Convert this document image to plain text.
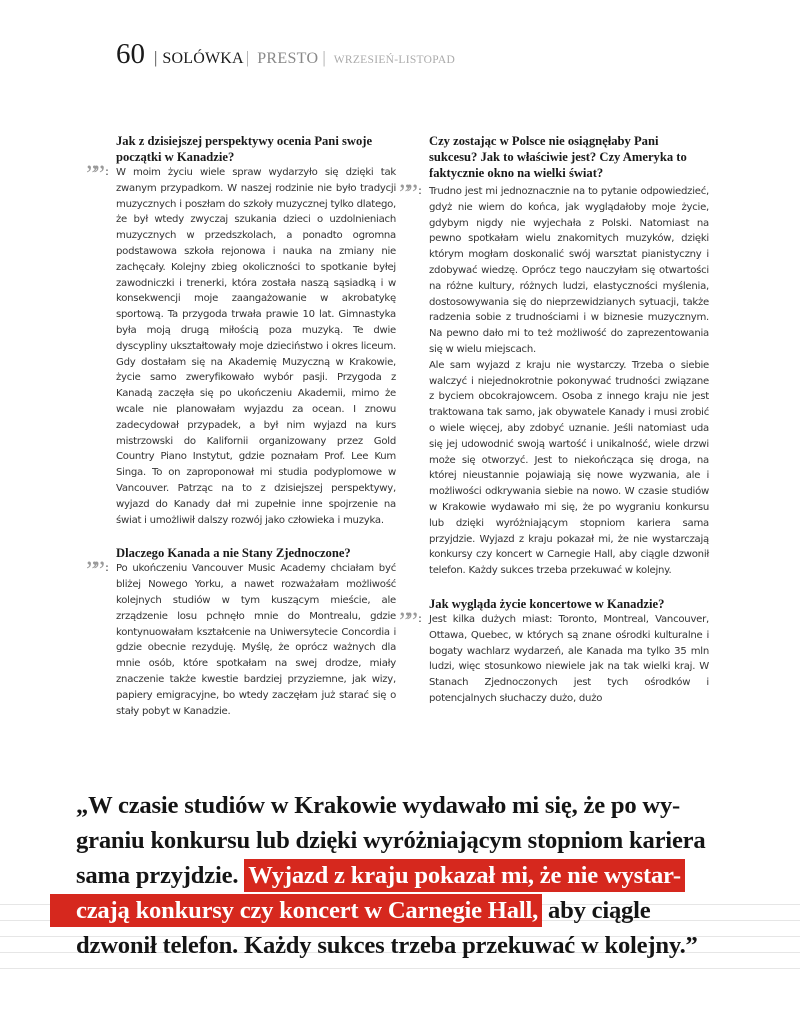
60 | SOLÓWKA | PRESTO | WRZESIEŃ-LISTOPAD

Jak z dzisiejszej perspektywy ocenia Pani swoje początki w Kanadzie?

”” : W moim życiu wiele spraw wydarzyło się dzięki tak zwanym przypadkom. W naszej rodzinie nie było tradycji muzycznych i poszłam do szkoły muzycznej tylko dlatego, że był wtedy zwyczaj szukania dzieci o uzdolnieniach muzycznych w przedszkolach, a ponadto ogromna podstawowa szkoła rejonowa i nauka na zmiany nie zachęcały. Kolejny zbieg okoliczności to spotkanie byłej zawodniczki i trenerki, która została naszą sąsiadką i w konsekwencji moje zaangażowanie w akrobatykę sportową. Ta przygoda trwała prawie 10 lat. Gimnastyka była moją drugą miłością poza muzyką. Te dwie dyscypliny ukształtowały moje dzieciństwo i okres liceum. Gdy dostałam się na Akademię Muzyczną w Krakowie, życie samo zweryfikowało wybór pasji. Przygoda z Kanadą zaczęła się po ukończeniu Akademii, mimo że wcale nie planowałam wyjazdu za ocean. I znowu zadecydował przypadek, a był nim wyjazd na kurs mistrzowski do Kalifornii organizowany przez Gold Country Piano Instytut, gdzie poznałam Prof. Lee Kum Singa. To on zaproponował mi studia podyplomowe w Vancouver. Patrząc na to z dzisiejszej perspektywy, wyjazd do Kanady dał mi zupełnie inne spojrzenie na świat i umożliwił dalszy rozwój jako człowieka i muzyka.

Dlaczego Kanada a nie Stany Zjednoczone?

”” : Po ukończeniu Vancouver Music Academy chciałam być bliżej Nowego Yorku, a nawet rozważałam możliwość kolejnych studiów w tym kuszącym mieście, ale zrządzenie losu pchnęło mnie do Montrealu, gdzie kontynuowałam kształcenie na Uniwersytecie Concordia i gdzie obecnie rezyduję. Myślę, że oprócz ważnych dla mnie osób, które spotkałam na swej drodze, miały znaczenie także kwestie bardziej przyziemne, jak wizy, papiery emigracyjne, bo wtedy zaczęłam już starać się o stały pobyt w Kanadzie.

Czy zostając w Polsce nie osiągnęłaby Pani sukcesu? Jak to właściwie jest? Czy Ameryka to faktycznie okno na wielki świat?

”” : Trudno jest mi jednoznacznie na to pytanie odpowiedzieć, gdyż nie wiem do końca, jak wyglądałoby moje życie, gdybym nigdy nie wyjechała z Polski. Natomiast na pewno spotkałam wielu znakomitych muzyków, dzięki którym mogłam doskonalić swój warsztat pianistyczny i zdobywać wiedzę. Oprócz tego nauczyłam się otwartości na różne kultury, różnych ludzi, elastyczności myślenia, dostosowywania się do nieprzewidzianych sytuacji, także radzenia sobie z trudnościami i w biznesie muzycznym. Na pewno dało mi to też możliwość do zaprezentowania się w wielu miejscach.

Ale sam wyjazd z kraju nie wystarczy. Trzeba o siebie walczyć i niejednokrotnie pokonywać trudności związane z byciem obcokrajowcem. Osoba z innego kraju nie jest traktowana tak samo, jak obywatele Kanady i musi zrobić o wiele więcej, aby zdobyć uznanie. Jeśli natomiast uda się jej udowodnić swoją wartość i unikalność, wiele drzwi może się otworzyć. Jest to niekończąca się droga, na której nieustannie pojawiają się nowe wyzwania, ale i możliwości odkrywania siebie na nowo. W czasie studiów w Krakowie wydawało mi się, że po wygraniu konkursu lub dzięki wyróżniającym stopniom kariera sama przyjdzie. Wyjazd z kraju pokazał mi, że nie wystarczają konkursy czy koncert w Carnegie Hall, aby ciągle dzwonił telefon. Każdy sukces trzeba przekuwać w kolejny.

Jak wygląda życie koncertowe w Kanadzie?

”” : Jest kilka dużych miast: Toronto, Montreal, Vancouver, Ottawa, Quebec, w których są znane ośrodki kulturalne i bogaty wachlarz wydarzeń, ale Kanada ma tylko 35 mln ludzi, więc stosunkowo niewiele jak na tak wielki kraj. W Stanach Zjednoczonych jest tych ośrodków i potencjalnych słuchaczy dużo, dużo

„W czasie studiów w Krakowie wydawało mi się, że po wy-
graniu konkursu lub dzięki wyróżniającym stopniom kariera
sama przyjdzie. Wyjazd z kraju pokazał mi, że nie wystar-
czają konkursy czy koncert w Carnegie Hall, aby ciągle
dzwonił telefon. Każdy sukces trzeba przekuwać w kolejny.”
